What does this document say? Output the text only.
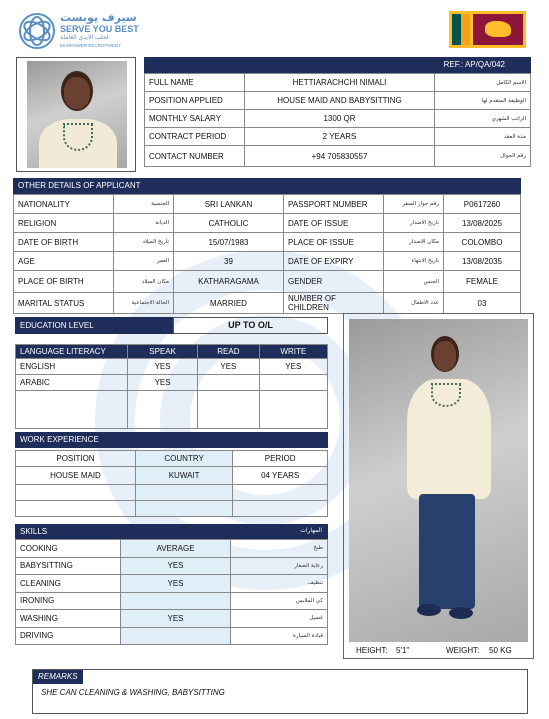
سيرف يوبست
SERVE YOU BEST
لجلب الايدي العاملة
MANPOWER RECRUITMENT
REF.: AP/QA/042
FULL NAME	HETTIARACHCHI NIMALI	الاسم الكامل
POSITION APPLIED	HOUSE MAID AND BABYSITTING	الوظيفة المتقدم لها
MONTHLY SALARY	1300 QR	الراتب الشهري
CONTRACT PERIOD	2 YEARS	مدة العقد
CONTACT NUMBER	+94 705830557	رقم الجوال
OTHER DETAILS OF APPLICANT
NATIONALITY	الجنسية	SRI LANKAN	PASSPORT NUMBER	رقم جواز السفر	P0617260
RELIGION	الديانة	CATHOLIC	DATE OF ISSUE	تاريخ الاصدار	13/08/2025
DATE OF BIRTH	تاريخ الميلاد	15/07/1983	PLACE OF ISSUE	مكان الاصدار	COLOMBO
AGE	العمر	39	DATE OF EXPIRY	تاريخ الانتهاء	13/08/2035
PLACE OF BIRTH	مكان الميلاد	KATHARAGAMA	GENDER	الجنس	FEMALE
MARITAL STATUS	الحالة الاجتماعية	MARRIED	NUMBER OF CHILDREN	عدد الاطفال	03
EDUCATION LEVEL	UP TO O/L
LANGUAGE LITERACY	SPEAK	READ	WRITE
ENGLISH	YES	YES	YES
ARABIC	YES		

WORK EXPERIENCE
POSITION	COUNTRY	PERIOD
HOUSE MAID	KUWAIT	04 YEARS

SKILLS	المهارات
COOKING	AVERAGE	طبخ
BABYSITTING	YES	رعاية الصغار
CLEANING	YES	تنظيف
IRONING		كي الملابس
WASHING	YES	غسيل
DRIVING		قيادة السيارة
HEIGHT: 5'1"	WEIGHT: 50 KG
REMARKS
SHE CAN CLEANING & WASHING, BABYSITTING
